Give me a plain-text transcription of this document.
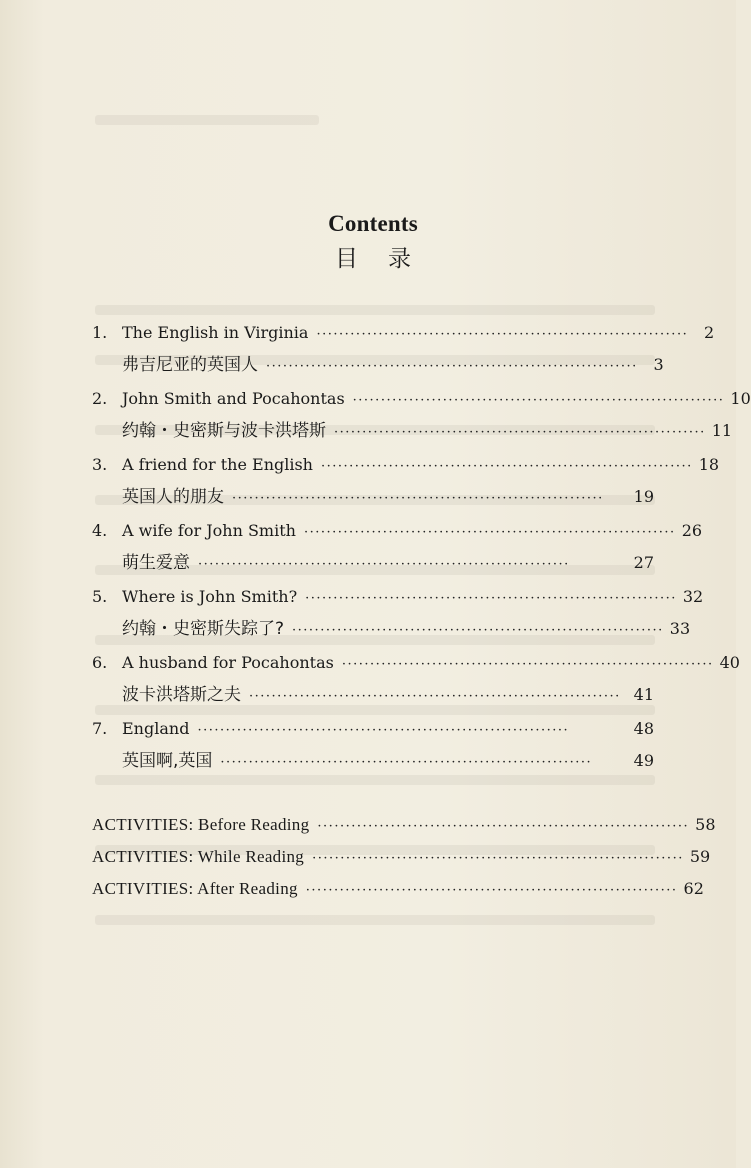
Contents
目录
1. The English in Virginia ·································································· 2
弗吉尼亚的英国人 ·································································· 3
2. John Smith and Pocahontas ·································································· 10
约翰・史密斯与波卡洪塔斯 ·································································· 11
3. A friend for the English ·································································· 18
英国人的朋友 ··································································	19
4. A wife for John Smith ·································································· 26
萌生爱意 ··································································	27
5. Where is John Smith? ·································································· 32
约翰・史密斯失踪了? ·································································· 33
6. A husband for Pocahontas ·································································· 40
波卡洪塔斯之夫 ·································································· 41
7. England ··································································	48
英国啊,英国 ··································································	49
ACTIVITIES: Before Reading ·································································· 58
ACTIVITIES: While Reading ·································································· 59
ACTIVITIES: After Reading ·································································· 62
